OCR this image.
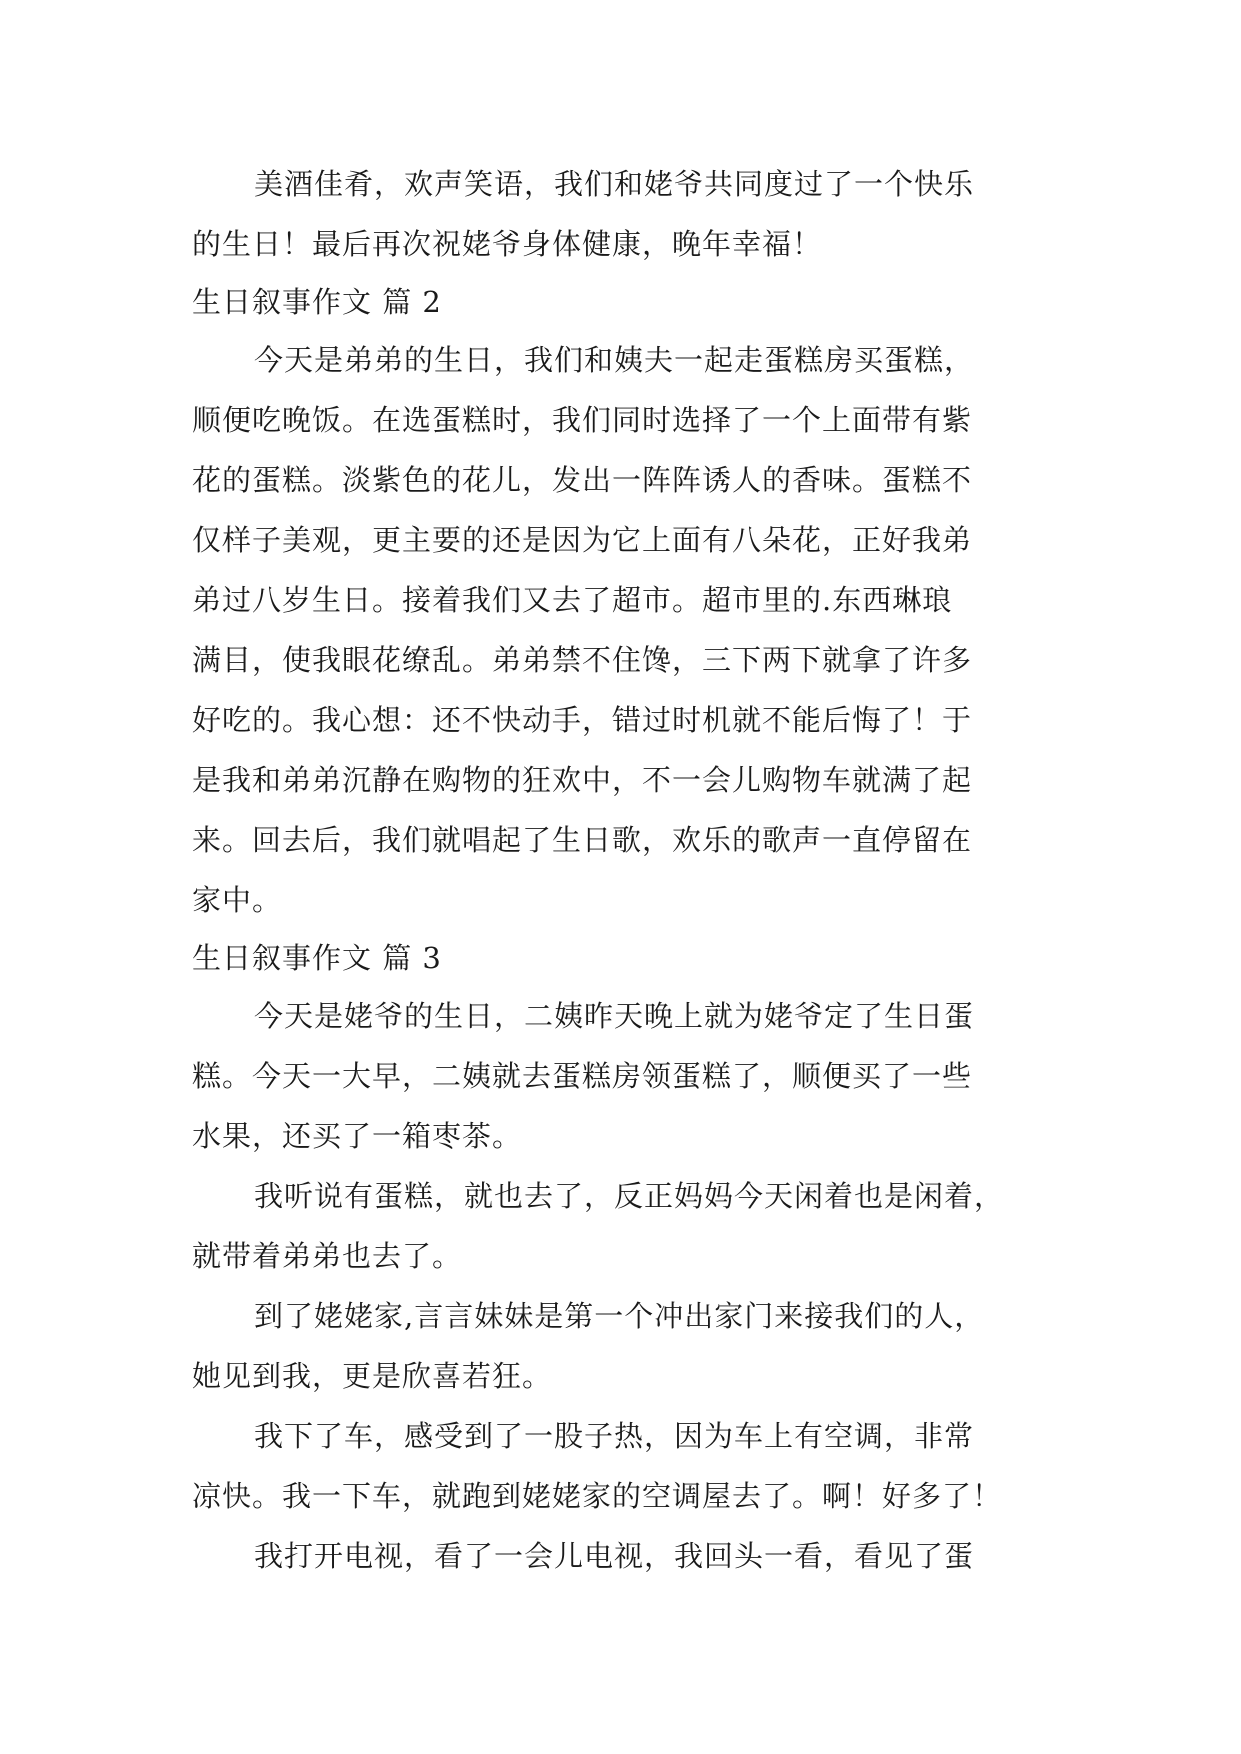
美酒佳肴，欢声笑语，我们和姥爷共同度过了一个快乐
的生日！最后再次祝姥爷身体健康，晚年幸福！
生日叙事作文 篇 2
今天是弟弟的生日，我们和姨夫一起走蛋糕房买蛋糕，
顺便吃晚饭。在选蛋糕时，我们同时选择了一个上面带有紫
花的蛋糕。淡紫色的花儿，发出一阵阵诱人的香味。蛋糕不
仅样子美观，更主要的还是因为它上面有八朵花，正好我弟
弟过八岁生日。接着我们又去了超市。超市里的.东西琳琅
满目，使我眼花缭乱。弟弟禁不住馋，三下两下就拿了许多
好吃的。我心想：还不快动手，错过时机就不能后悔了！于
是我和弟弟沉静在购物的狂欢中，不一会儿购物车就满了起
来。回去后，我们就唱起了生日歌，欢乐的歌声一直停留在
家中。
生日叙事作文 篇 3
今天是姥爷的生日，二姨昨天晚上就为姥爷定了生日蛋
糕。今天一大早，二姨就去蛋糕房领蛋糕了，顺便买了一些
水果，还买了一箱枣茶。
我听说有蛋糕，就也去了，反正妈妈今天闲着也是闲着，
就带着弟弟也去了。
到了姥姥家,言言妹妹是第一个冲出家门来接我们的人，
她见到我，更是欣喜若狂。
我下了车，感受到了一股子热，因为车上有空调，非常
凉快。我一下车，就跑到姥姥家的空调屋去了。啊！好多了！
我打开电视，看了一会儿电视，我回头一看，看见了蛋
